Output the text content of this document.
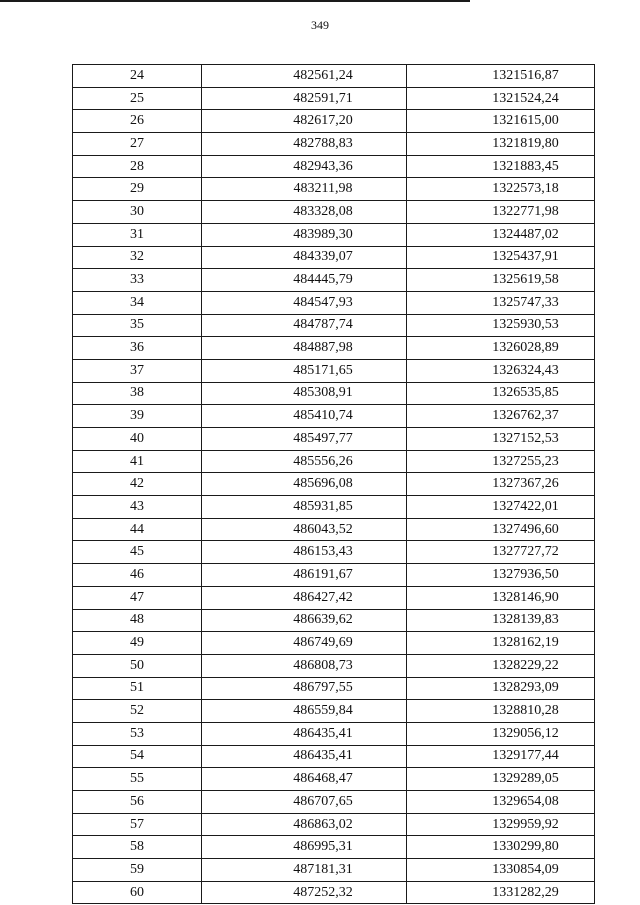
349
24	482561,24	1321516,87
25	482591,71	1321524,24
26	482617,20	1321615,00
27	482788,83	1321819,80
28	482943,36	1321883,45
29	483211,98	1322573,18
30	483328,08	1322771,98
31	483989,30	1324487,02
32	484339,07	1325437,91
33	484445,79	1325619,58
34	484547,93	1325747,33
35	484787,74	1325930,53
36	484887,98	1326028,89
37	485171,65	1326324,43
38	485308,91	1326535,85
39	485410,74	1326762,37
40	485497,77	1327152,53
41	485556,26	1327255,23
42	485696,08	1327367,26
43	485931,85	1327422,01
44	486043,52	1327496,60
45	486153,43	1327727,72
46	486191,67	1327936,50
47	486427,42	1328146,90
48	486639,62	1328139,83
49	486749,69	1328162,19
50	486808,73	1328229,22
51	486797,55	1328293,09
52	486559,84	1328810,28
53	486435,41	1329056,12
54	486435,41	1329177,44
55	486468,47	1329289,05
56	486707,65	1329654,08
57	486863,02	1329959,92
58	486995,31	1330299,80
59	487181,31	1330854,09
60	487252,32	1331282,29
